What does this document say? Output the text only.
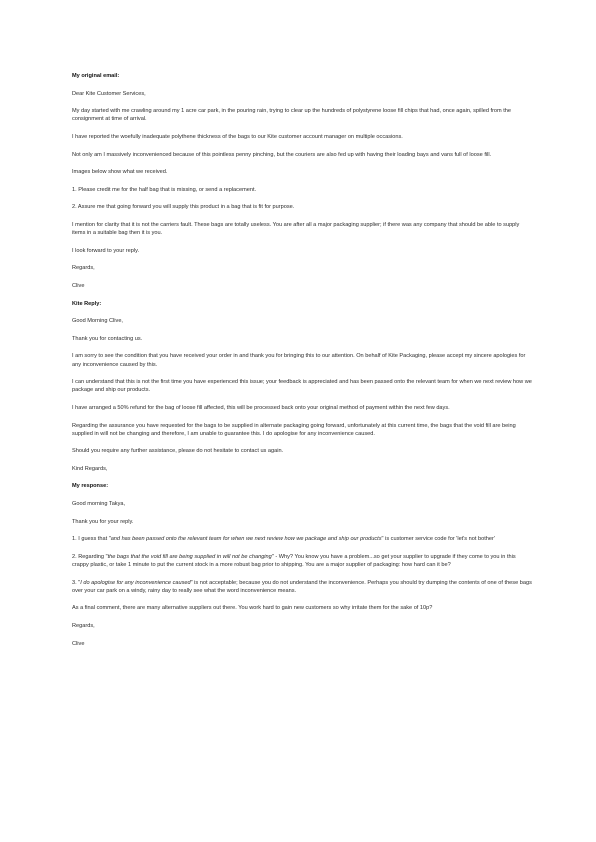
My original email:

Dear Kite Customer Services,

My day started with me crawling around my 1 acre car park, in the pouring rain, trying to clear up the hundreds of polystyrene loose fill chips that had, once again, spilled from the consignment at time of arrival.

I have reported the woefully inadequate polythene thickness of the bags to our Kite customer account manager on multiple occasions.

Not only am I massively inconvenienced because of this pointless penny pinching, but the couriers are also fed up with having their loading bays and vans full of loose fill.

Images below show what we received.

1. Please credit me for the half bag that is missing, or send a replacement.

2. Assure me that going forward you will supply this product in a bag that is fit for purpose.

I mention for clarity that it is not the carriers fault. These bags are totally useless. You are after all a major packaging supplier; if there was any company that should be able to supply items in a suitable bag then it is you.

I look forward to your reply.

Regards,

Clive

Kite Reply:

Good Morning Clive,

Thank you for contacting us.

I am sorry to see the condition that you have received your order in and thank you for bringing this to our attention. On behalf of Kite Packaging, please accept my sincere apologies for any inconvenience caused by this.

I can understand that this is not the first time you have experienced this issue; your feedback is appreciated and has been passed onto the relevant team for when we next review how we package and ship our products.

I have arranged a 50% refund for the bag of loose fill affected, this will be processed back onto your original method of payment within the next few days.

Regarding the assurance you have requested for the bags to be supplied in alternate packaging going forward, unfortunately at this current time, the bags that the void fill are being supplied in will not be changing and therefore, I am unable to guarantee this. I do apologise for any inconvenience caused.

Should you require any further assistance, please do not hesitate to contact us again.

Kind Regards,

My response:

Good morning Takya,

Thank you for your reply.

1. I guess that "and has been passed onto the relevant team for when we next review how we package and ship our products" is customer service code for 'let's not bother'

2. Regarding "the bags that the void fill are being supplied in will not be changing" - Why? You know you have a problem...so get your supplier to upgrade if they come to you in this crappy plastic, or take 1 minute to put the current stock in a more robust bag prior to shipping. You are a major supplier of packaging: how hard can it be?

3. "I do apologise for any inconvenience caused" is not acceptable; because you do not understand the inconvenience. Perhaps you should try dumping the contents of one of these bags over your car park on a windy, rainy day to really see what the word inconvenience means.

As a final comment, there are many alternative suppliers out there. You work hard to gain new customers so why irritate them for the sake of 10p?

Regards,

Clive
